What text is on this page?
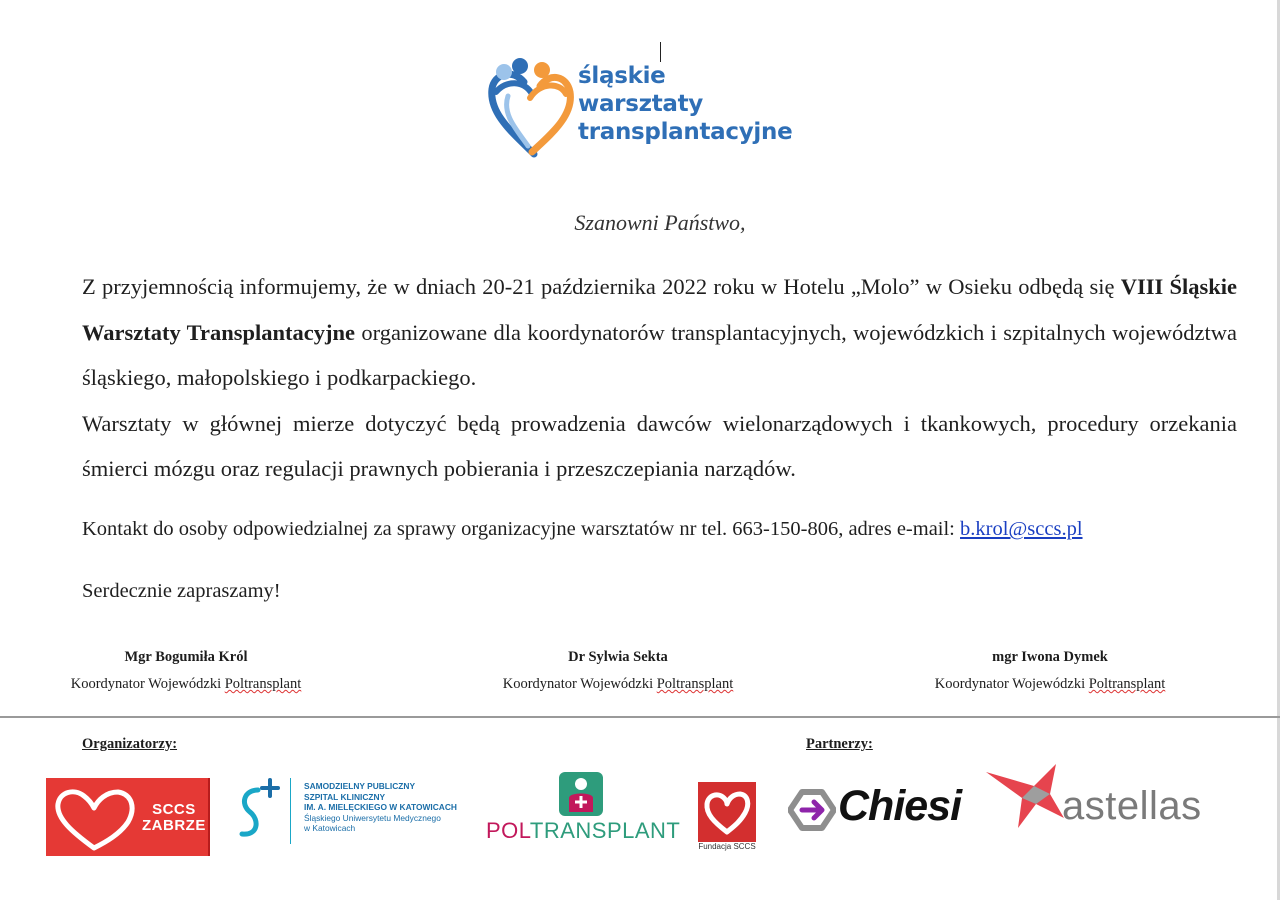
śląskie
warsztaty
transplantacyjne
Szanowni Państwo,

Z przyjemnością informujemy, że w dniach 20-21 października 2022 roku w Hotelu „Molo” w Osieku odbędą się VIII Śląskie Warsztaty Transplantacyjne organizowane dla koordynatorów transplantacyjnych, wojewódzkich i szpitalnych województwa śląskiego, małopolskiego i podkarpackiego.

Warsztaty w głównej mierze dotyczyć będą prowadzenia dawców wielonarządowych i tkankowych, procedury orzekania śmierci mózgu oraz regulacji prawnych pobierania i przeszczepiania narządów.

Kontakt do osoby odpowiedzialnej za sprawy organizacyjne warsztatów nr tel. 663-150-806, adres e-mail: b.krol@sccs.pl
Serdecznie zapraszamy!
Mgr Bogumiła Król
Koordynator Wojewódzki Poltransplant
Dr Sylwia Sekta
Koordynator Wojewódzki Poltransplant
mgr Iwona Dymek
Koordynator Wojewódzki Poltransplant
Organizatorzy:	Partnerzy:
SCCS
ZABRZE
SAMODZIELNY PUBLICZNY
SZPITAL KLINICZNY
IM. A. MIELĘCKIEGO W KATOWICACH
Śląskiego Uniwersytetu Medycznego
w Katowicach	POLTRANSPLANT
Fundacja SCCS
Chiesi	astellas
